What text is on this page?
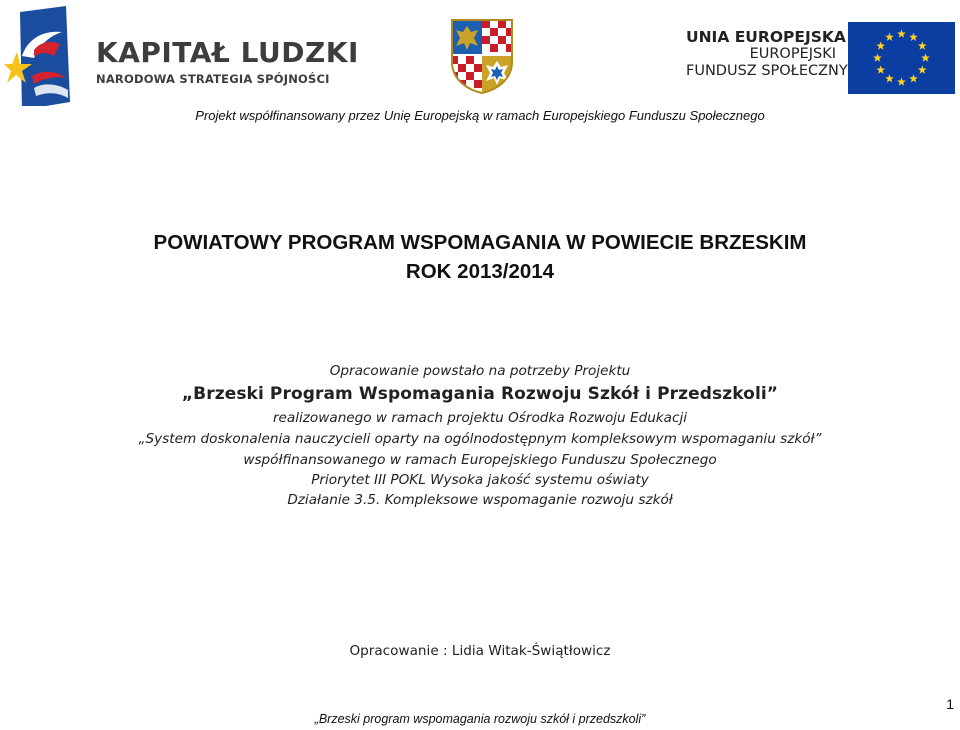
KAPITAŁ LUDZKI
NARODOWA STRATEGIA SPÓJNOŚCI
UNIA EUROPEJSKA
EUROPEJSKI
FUNDUSZ SPOŁECZNY
Projekt współfinansowany przez Unię Europejską w ramach Europejskiego Funduszu Społecznego
POWIATOWY PROGRAM WSPOMAGANIA W POWIECIE BRZESKIM
ROK 2013/2014
Opracowanie powstało na potrzeby Projektu
„Brzeski Program Wspomagania Rozwoju Szkół i Przedszkoli”
realizowanego w ramach projektu Ośrodka Rozwoju Edukacji
„System doskonalenia nauczycieli oparty na ogólnodostępnym kompleksowym wspomaganiu szkół”
współfinansowanego w ramach Europejskiego Funduszu Społecznego
Priorytet III POKL Wysoka jakość systemu oświaty
Działanie 3.5. Kompleksowe wspomaganie rozwoju szkół
Opracowanie : Lidia Witak-Świątłowicz
„Brzeski program wspomagania rozwoju szkół i przedszkoli”
1
